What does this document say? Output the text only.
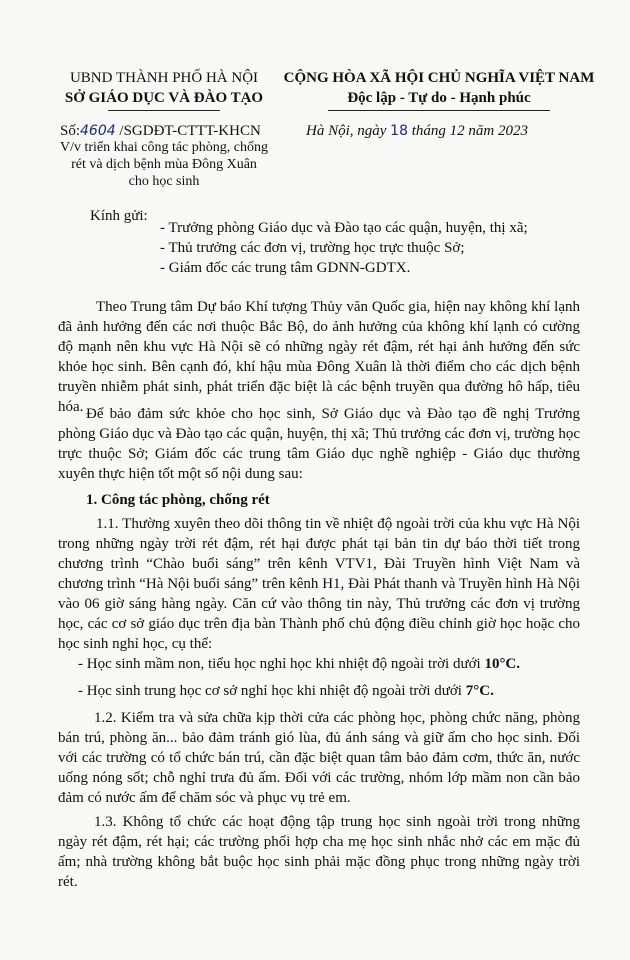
UBND THÀNH PHỐ HÀ NỘI
SỞ GIÁO DỤC VÀ ĐÀO TẠO
CỘNG HÒA XÃ HỘI CHỦ NGHĨA VIỆT NAM
Độc lập - Tự do - Hạnh phúc
Số:4604 /SGDĐT-CTTT-KHCN	Hà Nội, ngày 18 tháng 12 năm 2023
V/v triển khai công tác phòng, chống
rét và dịch bệnh mùa Đông Xuân
cho học sinh
Kính gửi:
- Trưởng phòng Giáo dục và Đào tạo các quận, huyện, thị xã;
- Thủ trưởng các đơn vị, trường học trực thuộc Sở;
- Giám đốc các trung tâm GDNN-GDTX.
Theo Trung tâm Dự báo Khí tượng Thủy văn Quốc gia, hiện nay không khí lạnh đã ảnh hưởng đến các nơi thuộc Bắc Bộ, do ảnh hưởng của không khí lạnh có cường độ mạnh nên khu vực Hà Nội sẽ có những ngày rét đậm, rét hại ảnh hưởng đến sức khỏe học sinh. Bên cạnh đó, khí hậu mùa Đông Xuân là thời điểm cho các dịch bệnh truyền nhiễm phát sinh, phát triển đặc biệt là các bệnh truyền qua đường hô hấp, tiêu hóa. Để bảo đảm sức khỏe cho học sinh, Sở Giáo dục và Đào tạo đề nghị Trưởng phòng Giáo dục và Đào tạo các quận, huyện, thị xã; Thủ trưởng các đơn vị, trường học trực thuộc Sở; Giám đốc các trung tâm Giáo dục nghề nghiệp - Giáo dục thường xuyên thực hiện tốt một số nội dung sau:
1. Công tác phòng, chống rét
1.1. Thường xuyên theo dõi thông tin về nhiệt độ ngoài trời của khu vực Hà Nội trong những ngày trời rét đậm, rét hại được phát tại bản tin dự báo thời tiết trong chương trình “Chào buổi sáng” trên kênh VTV1, Đài Truyền hình Việt Nam và chương trình “Hà Nội buổi sáng” trên kênh H1, Đài Phát thanh và Truyền hình Hà Nội vào 06 giờ sáng hàng ngày. Căn cứ vào thông tin này, Thủ trưởng các đơn vị trường học, các cơ sở giáo dục trên địa bàn Thành phố chủ động điều chỉnh giờ học hoặc cho học sinh nghỉ học, cụ thể:
- Học sinh mầm non, tiểu học nghỉ học khi nhiệt độ ngoài trời dưới 10°C.
- Học sinh trung học cơ sở nghỉ học khi nhiệt độ ngoài trời dưới 7°C.
1.2. Kiểm tra và sửa chữa kịp thời cửa các phòng học, phòng chức năng, phòng bán trú, phòng ăn... bảo đảm tránh gió lùa, đủ ánh sáng và giữ ấm cho học sinh. Đối với các trường có tổ chức bán trú, cần đặc biệt quan tâm bảo đảm cơm, thức ăn, nước uống nóng sốt; chỗ nghỉ trưa đủ ấm. Đối với các trường, nhóm lớp mầm non cần bảo đảm có nước ấm để chăm sóc và phục vụ trẻ em.
1.3. Không tổ chức các hoạt động tập trung học sinh ngoài trời trong những ngày rét đậm, rét hại; các trường phối hợp cha mẹ học sinh nhắc nhở các em mặc đủ ấm; nhà trường không bắt buộc học sinh phải mặc đồng phục trong những ngày trời rét.
